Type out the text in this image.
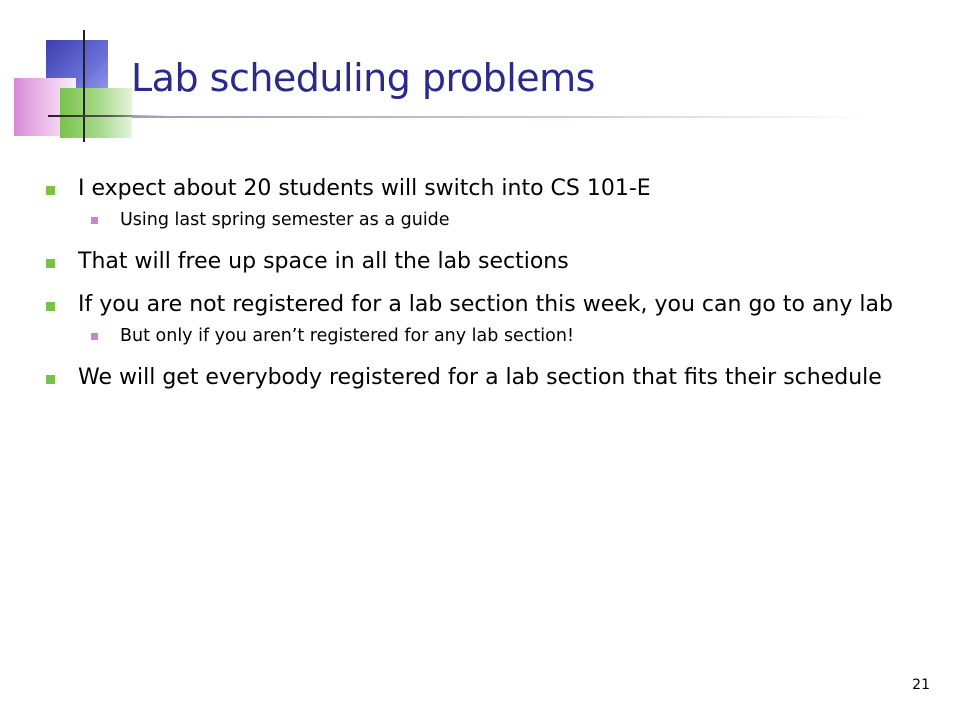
Lab scheduling problems
I expect about 20 students will switch into CS 101-E
Using last spring semester as a guide
That will free up space in all the lab sections
If you are not registered for a lab section this week, you can go to any lab
But only if you aren’t registered for any lab section!
We will get everybody registered for a lab section that fits their schedule
21
